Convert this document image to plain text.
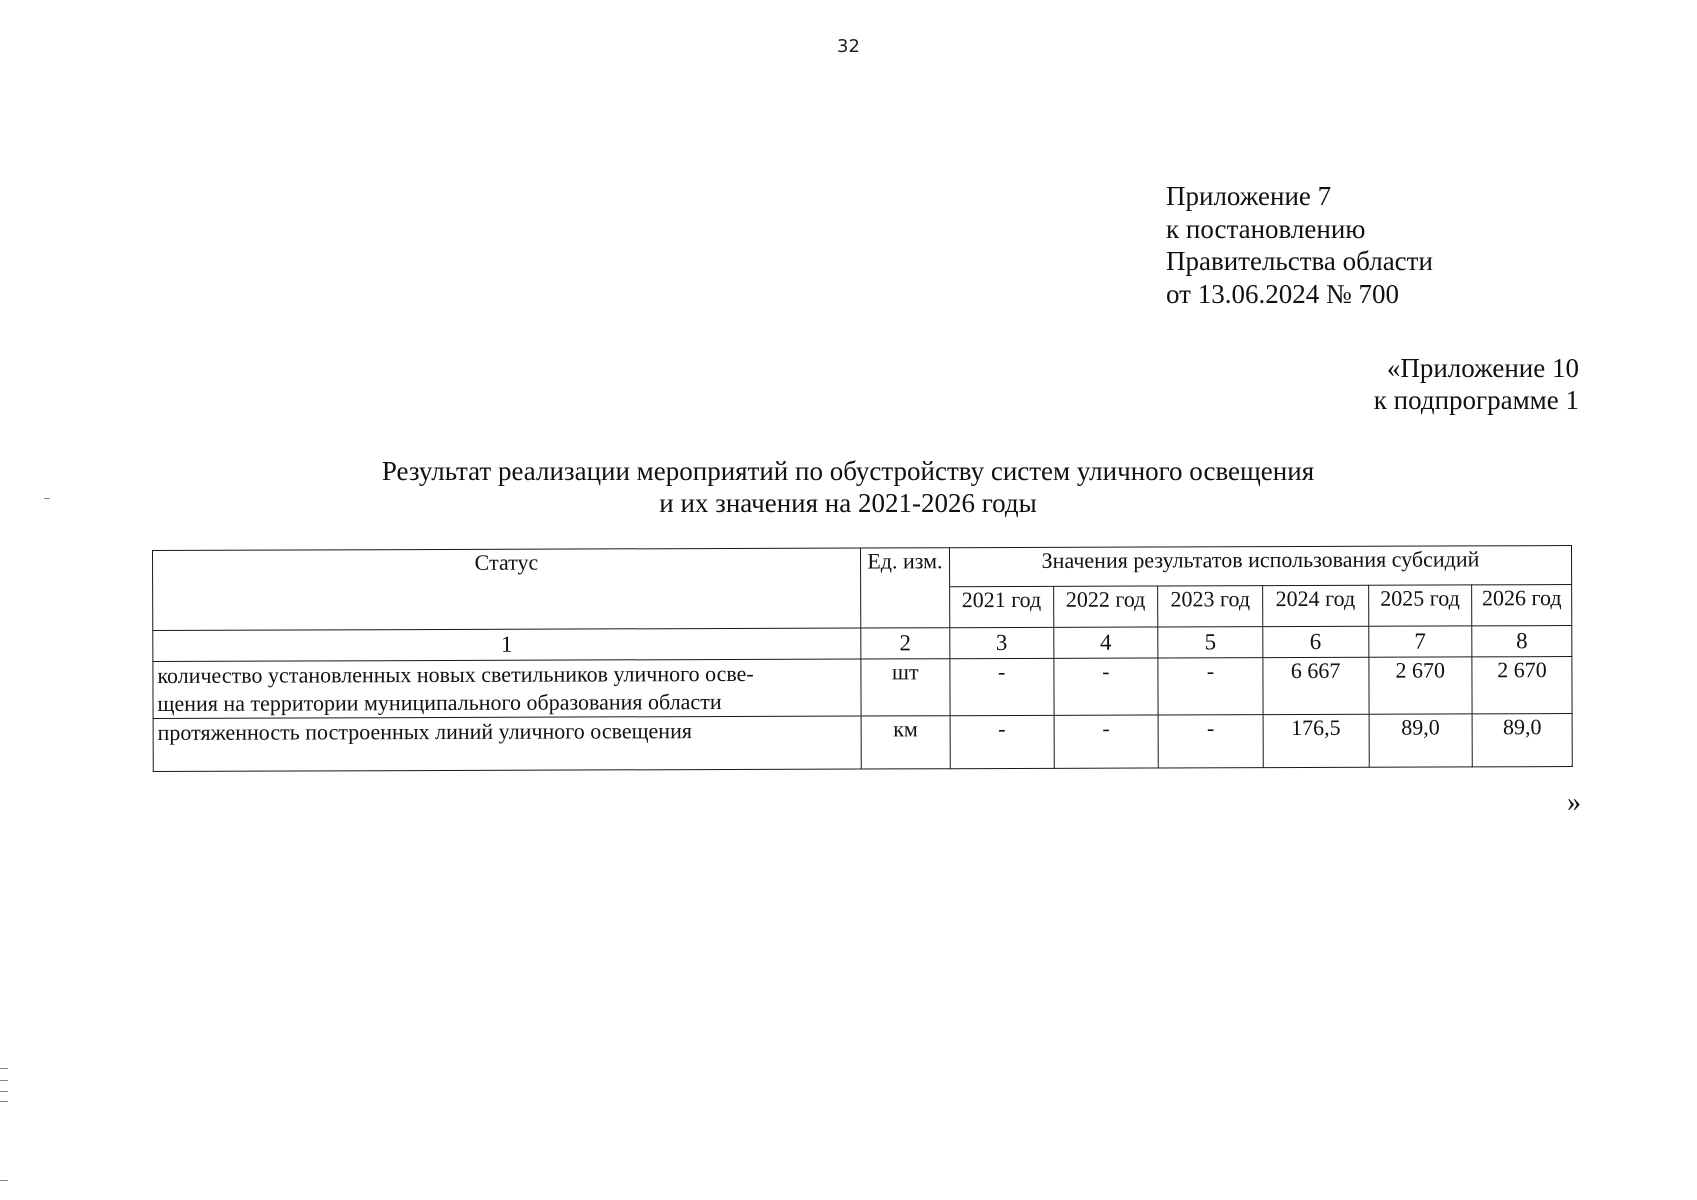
32
Приложение 7
к постановлению
Правительства области
от 13.06.2024 № 700
«Приложение 10
к подпрограмме 1
Результат реализации мероприятий по обустройству систем уличного освещения
и их значения на 2021-2026 годы
Статус	Ед. изм.	Значения результатов использования субсидий					
		2021 год	2022 год	2023 год	2024 год	2025 год	2026 год
1	2	3	4	5	6	7	8

количество установленных новых светильников уличного осве-
щения на территории муниципального образования области	шт	-	-	-	6 667	2 670	2 670
протяженность построенных линий уличного освещения	км	-	-	-	176,5	89,0	89,0
»
